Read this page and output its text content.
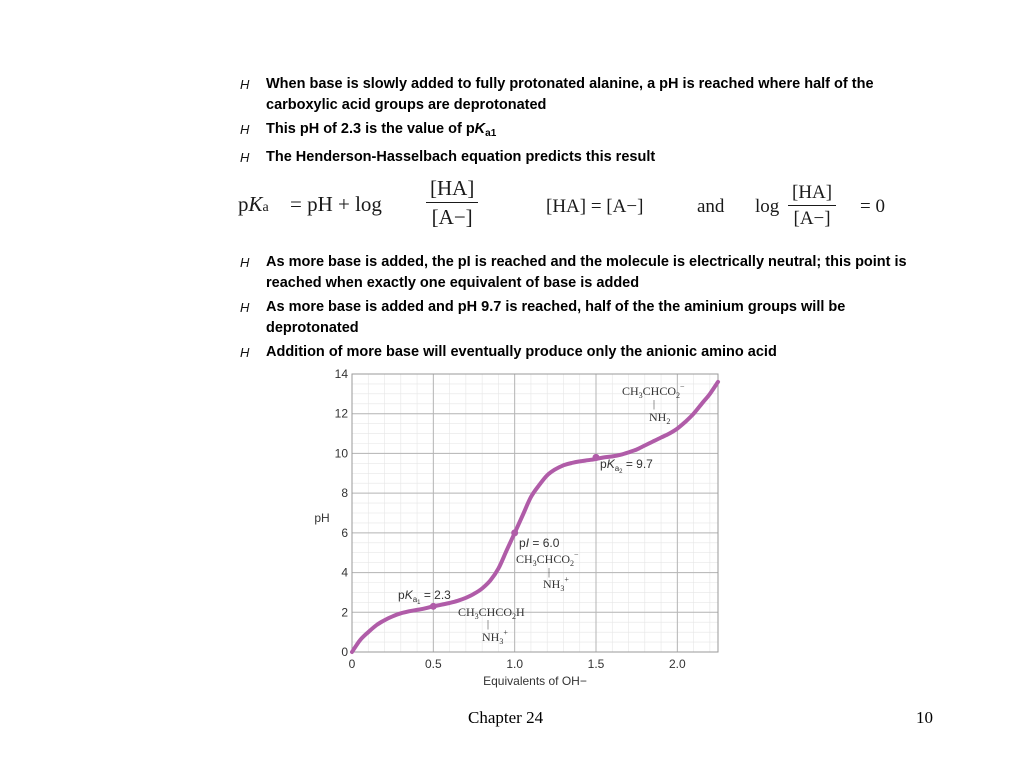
H When base is slowly added to fully protonated alanine, a pH is reached where half of the carboxylic acid groups are deprotonated
H This pH of 2.3 is the value of $pK_{a1}$
H The Henderson-Hasselbach equation predicts this result
pKa = pH + $\log \frac{[HA]}{[A-]}$	[HA] = [A−]	and $\log \frac{[HA]}{[A-]} = 0$
H As more base is added, the pI is reached and the molecule is electrically neutral; this point is reached when exactly one equivalent of base is added
H As more base is added and pH 9.7 is reached, half of the the aminium groups will be deprotonated
H Addition of more base will eventually produce only the anionic amino acid
0	0.5	1.0	1.5	2.0
0
2
4
6
8
10
12
14
pH
Equivalents of OH−
$pK_a1 = 2.3$
$CH_3CHCO_2H$
|
$NH_3^+$
pI = 6.0
$CH_3CHCO_2^-$
|
$NH_3^+$
$pK_a2 = 9.7$
$CH_3CHCO_2^-$
|
$NH_2$
Chapter 24	10
